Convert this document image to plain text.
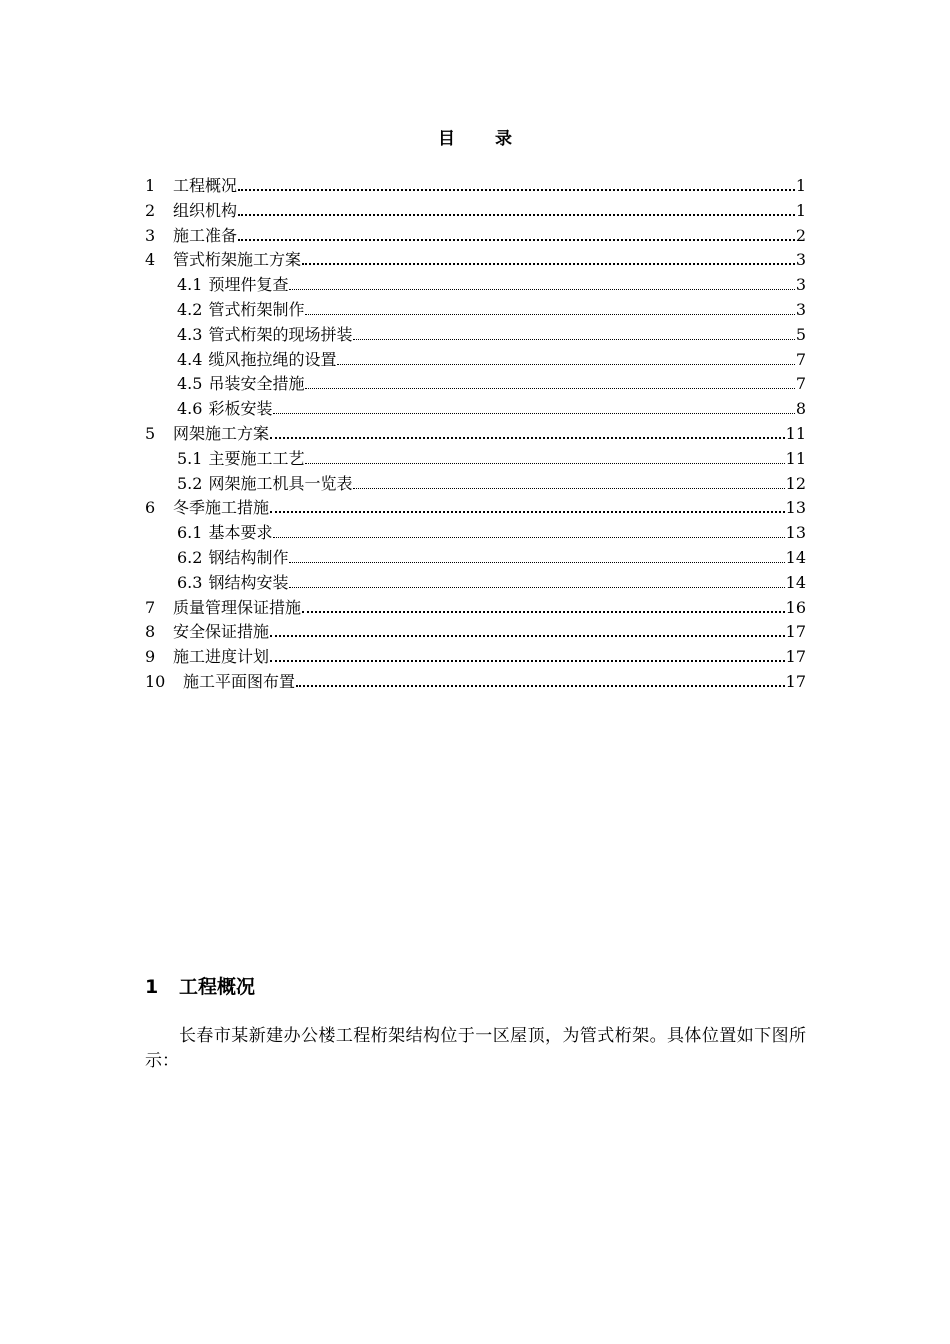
目 录
1	工程概况	1
2	组织机构	1
3	施工准备	2
4	管式桁架施工方案	3
4.1 预埋件复查	3
4.2 管式桁架制作	3
4.3 管式桁架的现场拼装	5
4.4 缆风拖拉绳的设置	7
4.5 吊装安全措施	7
4.6 彩板安装	8
5	网架施工方案	11
5.1 主要施工工艺	11
5.2 网架施工机具一览表	12
6	冬季施工措施	13
6.1 基本要求	13
6.2 钢结构制作	14
6.3 钢结构安装	14
7	质量管理保证措施	16
8	安全保证措施	17
9	施工进度计划	17
10	施工平面图布置	17
1 工程概况
长春市某新建办公楼工程桁架结构位于一区屋顶，为管式桁架。具体位置如下图所示：
